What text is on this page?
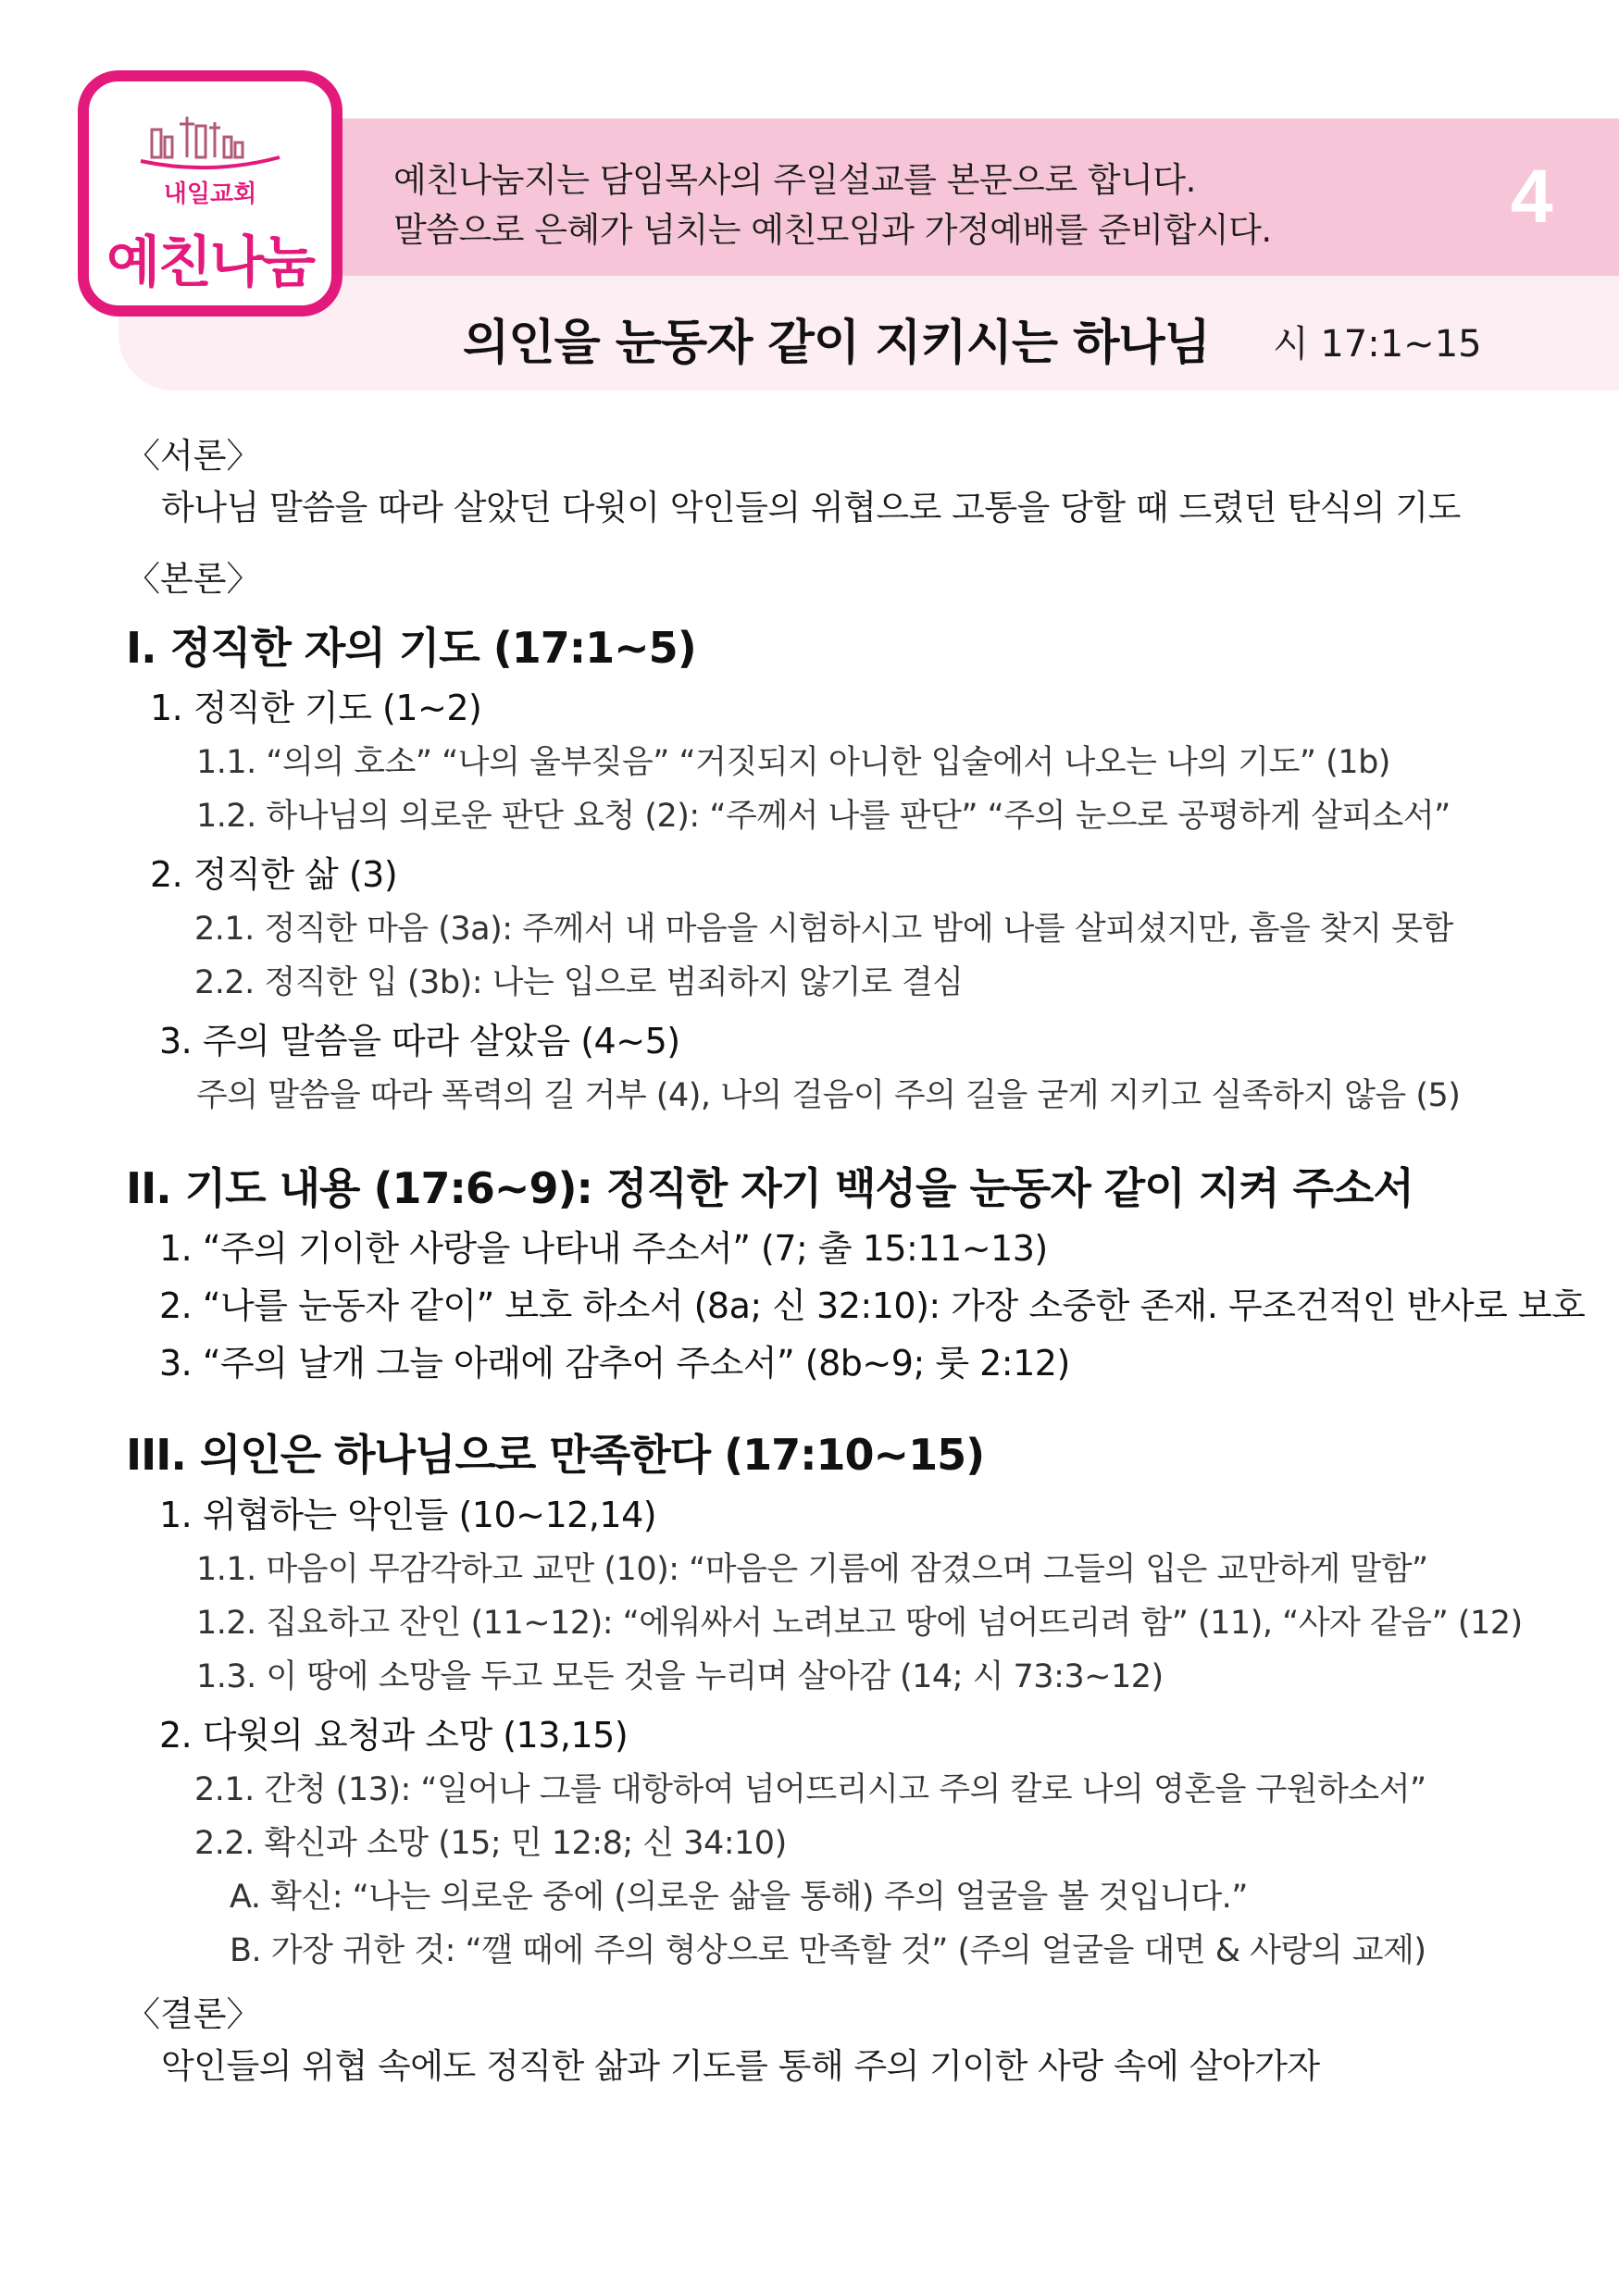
내일교회
예친나눔
예친나눔지는 담임목사의 주일설교를 본문으로 합니다.
말씀으로 은혜가 넘치는 예친모임과 가정예배를 준비합시다.	4
의인을 눈동자 같이 지키시는 하나님 시 17:1~15
〈서론〉
하나님 말씀을 따라 살았던 다윗이 악인들의 위협으로 고통을 당할 때 드렸던 탄식의 기도
〈본론〉
I. 정직한 자의 기도 (17:1~5)
1. 정직한 기도 (1~2)
1.1. “의의 호소” “나의 울부짖음” “거짓되지 아니한 입술에서 나오는 나의 기도” (1b)
1.2. 하나님의 의로운 판단 요청 (2): “주께서 나를 판단” “주의 눈으로 공평하게 살피소서”
2. 정직한 삶 (3)
2.1. 정직한 마음 (3a): 주께서 내 마음을 시험하시고 밤에 나를 살피셨지만, 흠을 찾지 못함
2.2. 정직한 입 (3b): 나는 입으로 범죄하지 않기로 결심
3. 주의 말씀을 따라 살았음 (4~5)
주의 말씀을 따라 폭력의 길 거부 (4), 나의 걸음이 주의 길을 굳게 지키고 실족하지 않음 (5)
II. 기도 내용 (17:6~9): 정직한 자기 백성을 눈동자 같이 지켜 주소서
1. “주의 기이한 사랑을 나타내 주소서” (7; 출 15:11~13)
2. “나를 눈동자 같이” 보호 하소서 (8a; 신 32:10): 가장 소중한 존재. 무조건적인 반사로 보호
3. “주의 날개 그늘 아래에 감추어 주소서” (8b~9; 룻 2:12)
III. 의인은 하나님으로 만족한다 (17:10~15)
1. 위협하는 악인들 (10~12,14)
1.1. 마음이 무감각하고 교만 (10): “마음은 기름에 잠겼으며 그들의 입은 교만하게 말함”
1.2. 집요하고 잔인 (11~12): “에워싸서 노려보고 땅에 넘어뜨리려 함” (11), “사자 같음” (12)
1.3. 이 땅에 소망을 두고 모든 것을 누리며 살아감 (14; 시 73:3~12)
2. 다윗의 요청과 소망 (13,15)
2.1. 간청 (13): “일어나 그를 대항하여 넘어뜨리시고 주의 칼로 나의 영혼을 구원하소서”
2.2. 확신과 소망 (15; 민 12:8; 신 34:10)
A. 확신: “나는 의로운 중에 (의로운 삶을 통해) 주의 얼굴을 볼 것입니다.”
B. 가장 귀한 것: “깰 때에 주의 형상으로 만족할 것” (주의 얼굴을 대면 & 사랑의 교제)
〈결론〉
악인들의 위협 속에도 정직한 삶과 기도를 통해 주의 기이한 사랑 속에 살아가자
